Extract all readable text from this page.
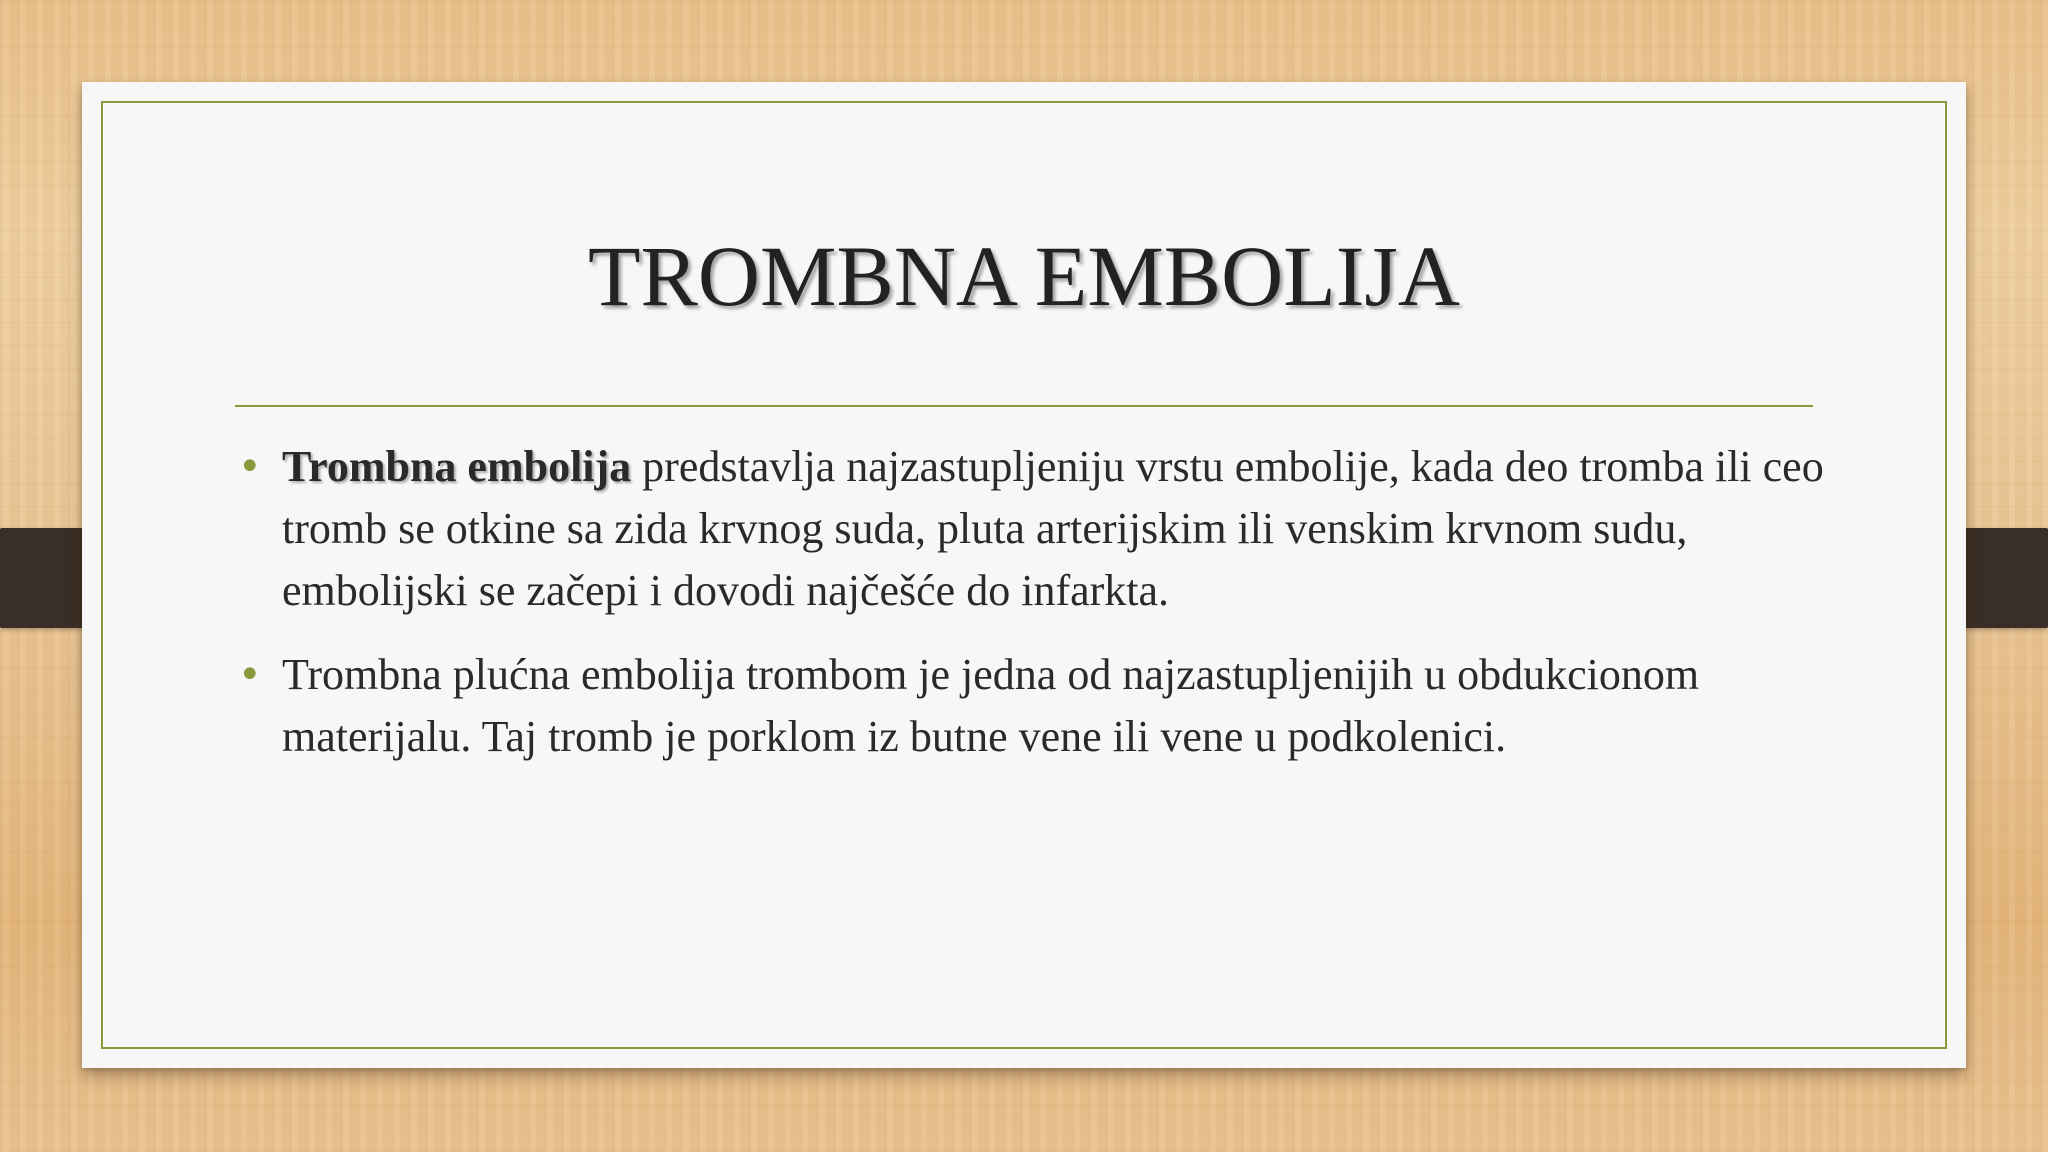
TROMBNA EMBOLIJA
• Trombna embolija predstavlja najzastupljeniju vrstu embolije, kada deo tromba ili ceo tromb se otkine sa zida krvnog suda, pluta arterijskim ili venskim krvnom sudu, embolijski se začepi i dovodi najčešće do infarkta.
• Trombna plućna embolija trombom je jedna od najzastupljenijih u obdukcionom materijalu. Taj tromb je porklom iz butne vene ili vene u podkolenici.
